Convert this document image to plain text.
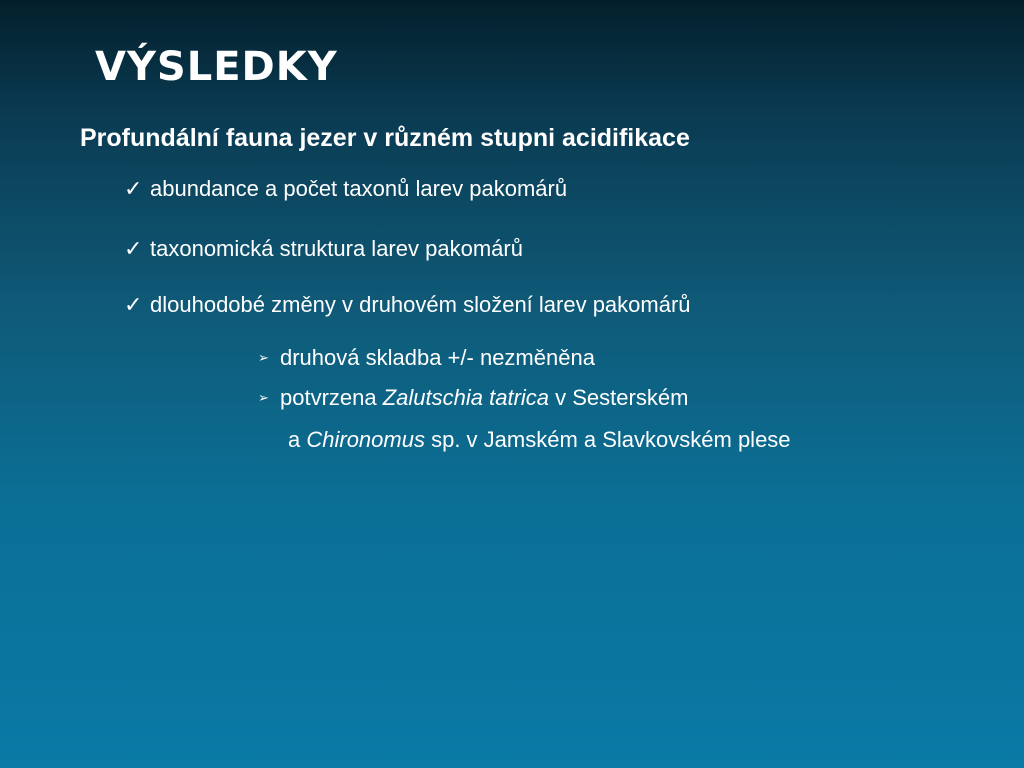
VÝSLEDKY
Profundální fauna jezer v různém stupni acidifikace
✓ abundance a počet taxonů larev pakomárů
✓ taxonomická struktura larev pakomárů
✓ dlouhodobé změny v druhovém složení larev pakomárů
➢ druhová skladba +/- nezměněna
➢ potvrzena Zalutschia tatrica v Sesterském
a Chironomus sp. v Jamském a Slavkovském plese
